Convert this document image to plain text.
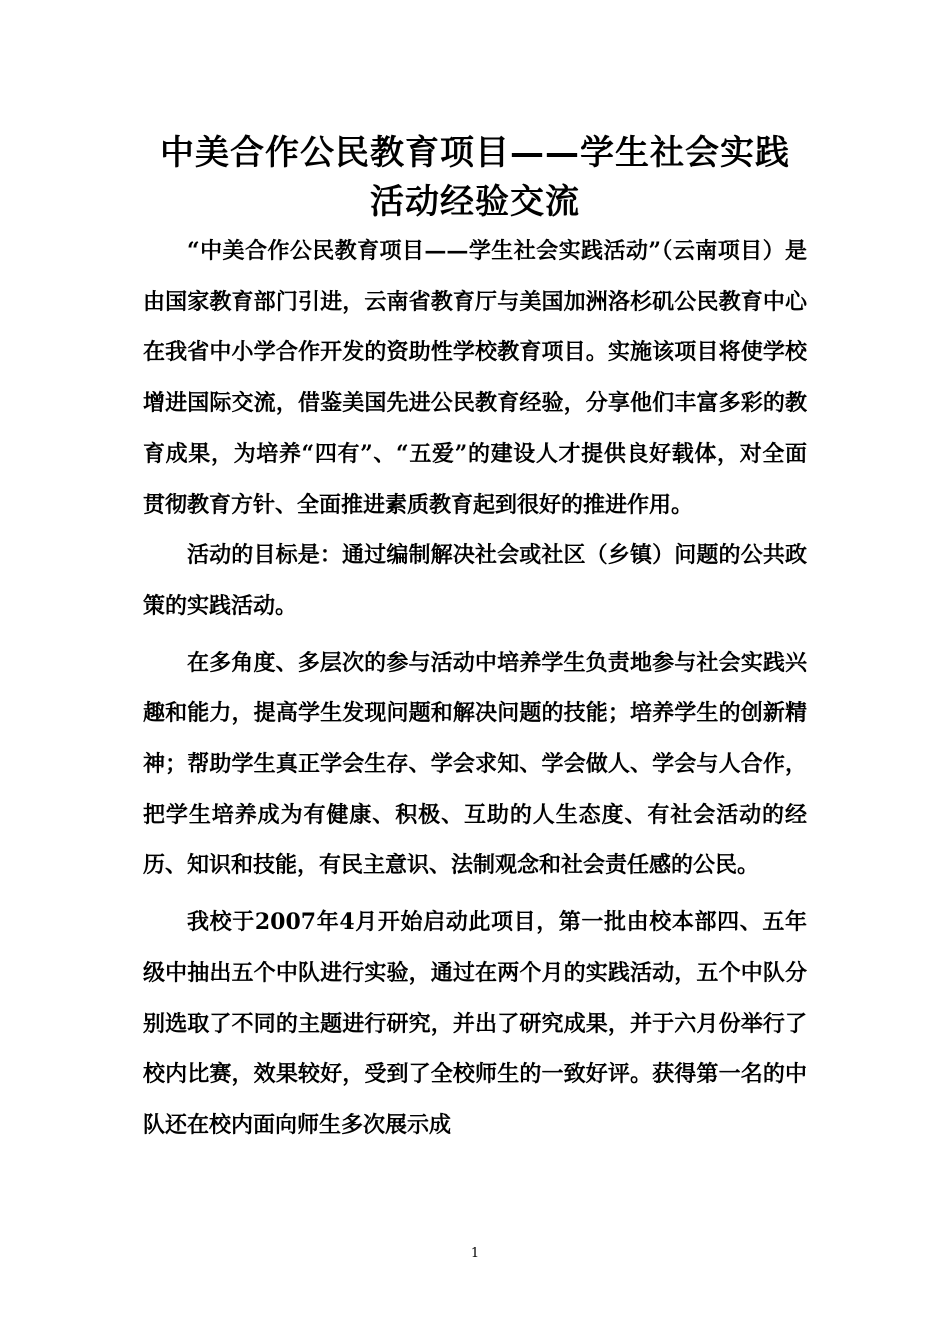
中美合作公民教育项目——学生社会实践
活动经验交流

“中美合作公民教育项目——学生社会实践活动”（云南项目）是由国家教育部门引进，云南省教育厅与美国加洲洛杉矶公民教育中心在我省中小学合作开发的资助性学校教育项目。实施该项目将使学校增进国际交流，借鉴美国先进公民教育经验，分享他们丰富多彩的教育成果，为培养“四有”、“五爱”的建设人才提供良好载体，对全面贯彻教育方针、全面推进素质教育起到很好的推进作用。

活动的目标是：通过编制解决社会或社区（乡镇）问题的公共政策的实践活动。

在多角度、多层次的参与活动中培养学生负责地参与社会实践兴趣和能力，提高学生发现问题和解决问题的技能；培养学生的创新精神；帮助学生真正学会生存、学会求知、学会做人、学会与人合作，把学生培养成为有健康、积极、互助的人生态度、有社会活动的经历、知识和技能，有民主意识、法制观念和社会责任感的公民。

我校于2007年4月开始启动此项目，第一批由校本部四、五年级中抽出五个中队进行实验，通过在两个月的实践活动，五个中队分别选取了不同的主题进行研究，并出了研究成果，并于六月份举行了校内比赛，效果较好，受到了全校师生的一致好评。获得第一名的中队还在校内面向师生多次展示成

1
